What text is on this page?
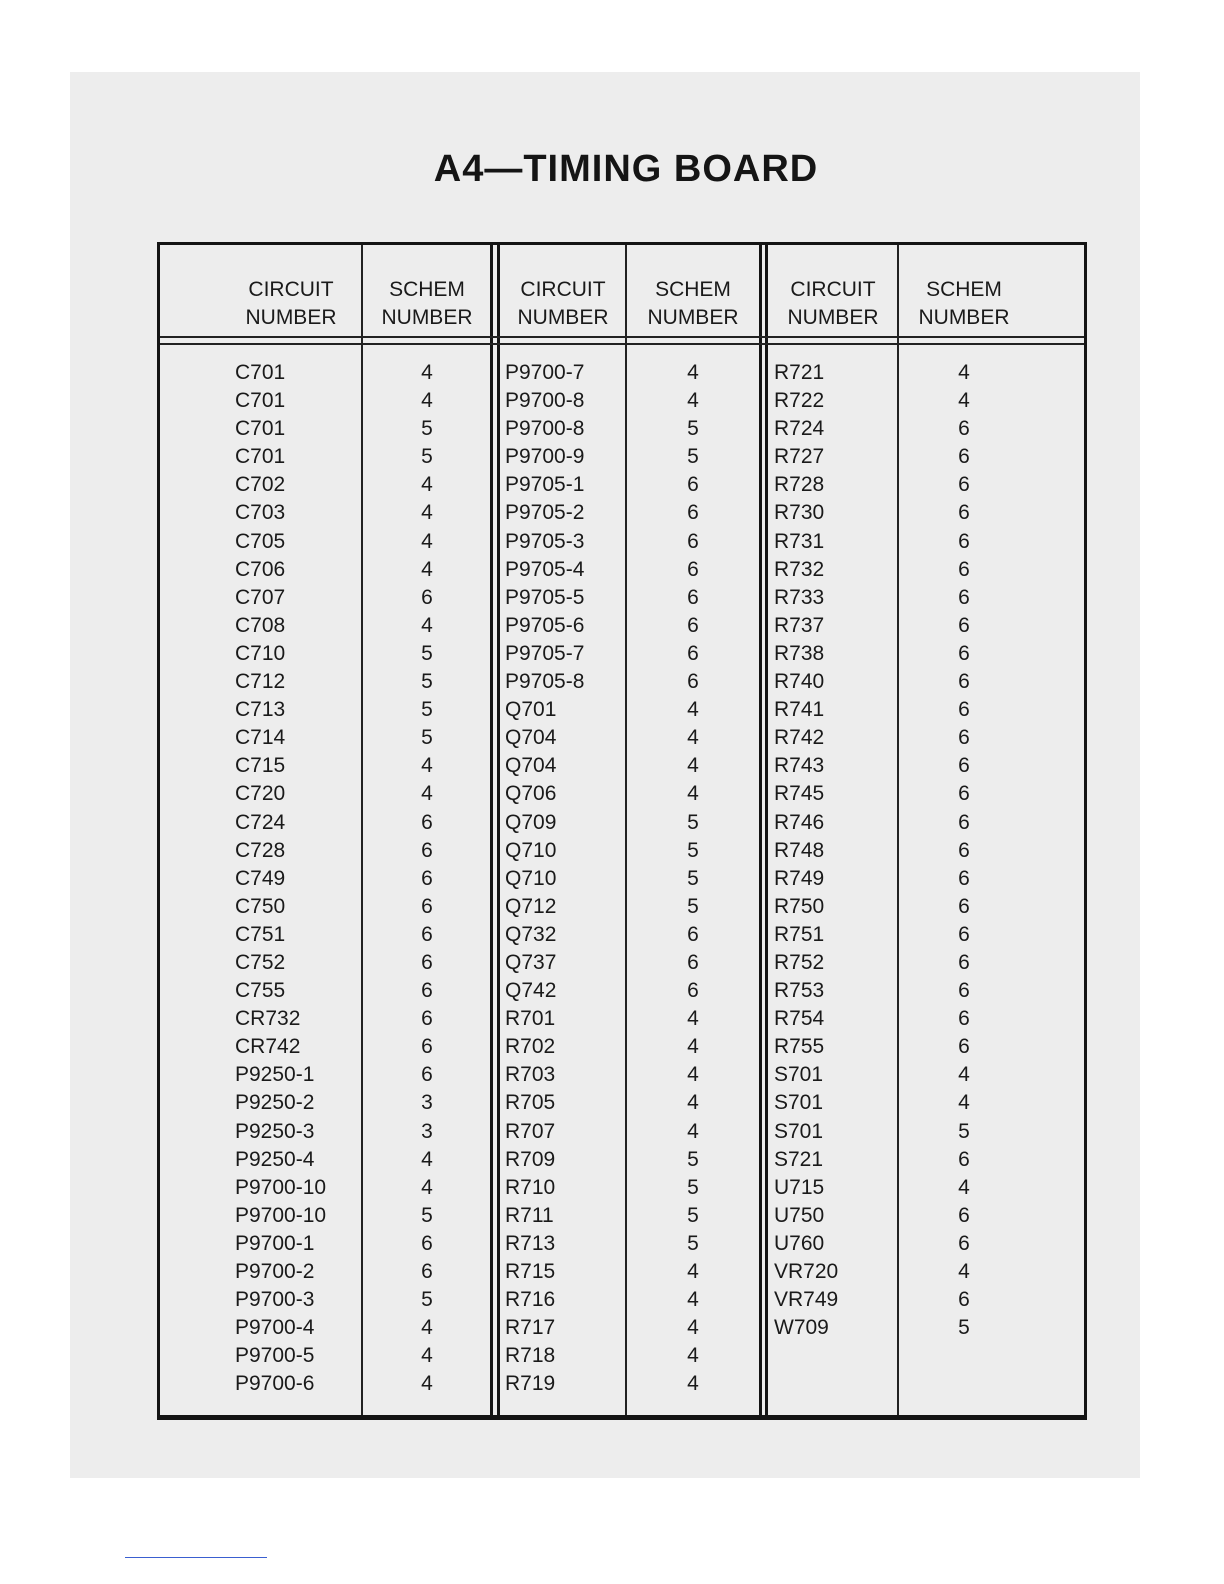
A4—TIMING BOARD
CIRCUIT
NUMBER
SCHEM
NUMBER
CIRCUIT
NUMBER
SCHEM
NUMBER
CIRCUIT
NUMBER
SCHEM
NUMBER
C701
C701
C701
C701
C702
C703
C705
C706
C707
C708
C710
C712
C713
C714
C715
C720
C724
C728
C749
C750
C751
C752
C755
CR732
CR742
P9250-1
P9250-2
P9250-3
P9250-4
P9700-10
P9700-10
P9700-1
P9700-2
P9700-3
P9700-4
P9700-5
P9700-6
4
4
5
5
4
4
4
4
6
4
5
5
5
5
4
4
6
6
6
6
6
6
6
6
6
6
3
3
4
4
5
6
6
5
4
4
4
P9700-7
P9700-8
P9700-8
P9700-9
P9705-1
P9705-2
P9705-3
P9705-4
P9705-5
P9705-6
P9705-7
P9705-8
Q701
Q704
Q704
Q706
Q709
Q710
Q710
Q712
Q732
Q737
Q742
R701
R702
R703
R705
R707
R709
R710
R711
R713
R715
R716
R717
R718
R719
4
4
5
5
6
6
6
6
6
6
6
6
4
4
4
4
5
5
5
5
6
6
6
4
4
4
4
4
5
5
5
5
4
4
4
4
4
R721
R722
R724
R727
R728
R730
R731
R732
R733
R737
R738
R740
R741
R742
R743
R745
R746
R748
R749
R750
R751
R752
R753
R754
R755
S701
S701
S701
S721
U715
U750
U760
VR720
VR749
W709
4
4
6
6
6
6
6
6
6
6
6
6
6
6
6
6
6
6
6
6
6
6
6
6
6
4
4
5
6
4
6
6
4
6
5
